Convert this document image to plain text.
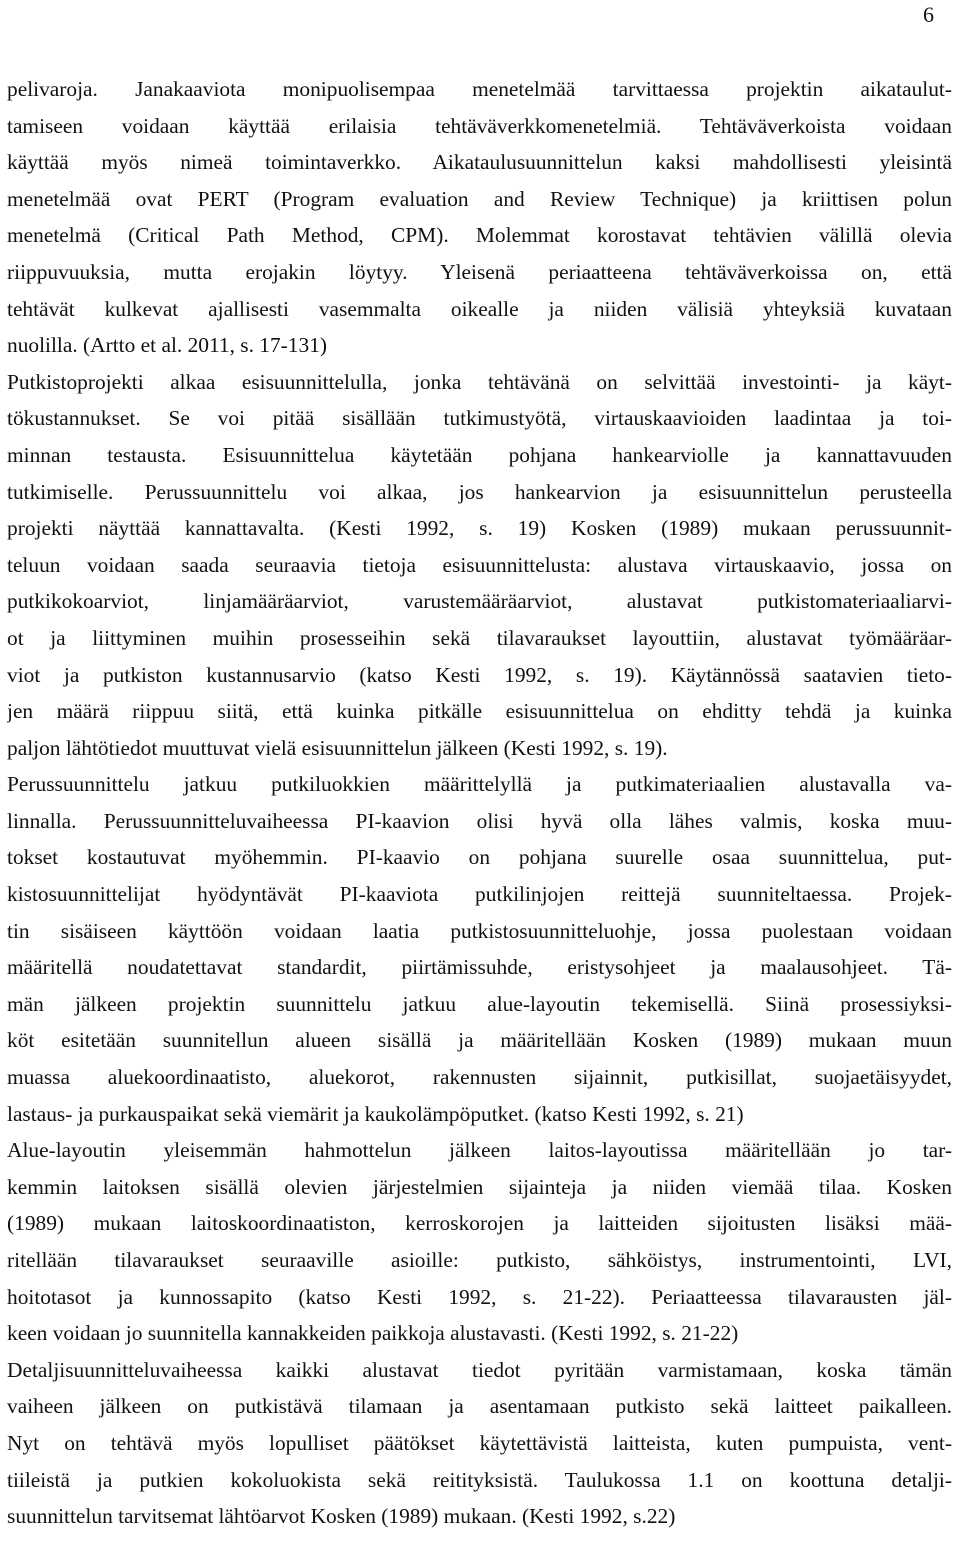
6
pelivaroja. Janakaaviota monipuolisempaa menetelmää tarvittaessa projektin aikataulut-
tamiseen voidaan käyttää erilaisia tehtäväverkkomenetelmiä. Tehtäväverkoista voidaan
käyttää myös nimeä toimintaverkko. Aikataulusuunnittelun kaksi mahdollisesti yleisintä
menetelmää ovat PERT (Program evaluation and Review Technique) ja kriittisen polun
menetelmä (Critical Path Method, CPM). Molemmat korostavat tehtävien välillä olevia
riippuvuuksia, mutta erojakin löytyy. Yleisenä periaatteena tehtäväverkoissa on, että
tehtävät kulkevat ajallisesti vasemmalta oikealle ja niiden välisiä yhteyksiä kuvataan
nuolilla. (Artto et al. 2011, s. 17-131)
Putkistoprojekti alkaa esisuunnittelulla, jonka tehtävänä on selvittää investointi- ja käyt-
tökustannukset. Se voi pitää sisällään tutkimustyötä, virtauskaavioiden laadintaa ja toi-
minnan testausta. Esisuunnittelua käytetään pohjana hankearviolle ja kannattavuuden
tutkimiselle. Perussuunnittelu voi alkaa, jos hankearvion ja esisuunnittelun perusteella
projekti näyttää kannattavalta. (Kesti 1992, s. 19) Kosken (1989) mukaan perussuunnit-
teluun voidaan saada seuraavia tietoja esisuunnittelusta: alustava virtauskaavio, jossa on
putkikokoarviot, linjamääräarviot, varustemääräarviot, alustavat putkistomateriaaliarvi-
ot ja liittyminen muihin prosesseihin sekä tilavaraukset layouttiin, alustavat työmääräar-
viot ja putkiston kustannusarvio (katso Kesti 1992, s. 19). Käytännössä saatavien tieto-
jen määrä riippuu siitä, että kuinka pitkälle esisuunnittelua on ehditty tehdä ja kuinka
paljon lähtötiedot muuttuvat vielä esisuunnittelun jälkeen (Kesti 1992, s. 19).
Perussuunnittelu jatkuu putkiluokkien määrittelyllä ja putkimateriaalien alustavalla va-
linnalla. Perussuunnitteluvaiheessa PI-kaavion olisi hyvä olla lähes valmis, koska muu-
tokset kostautuvat myöhemmin. PI-kaavio on pohjana suurelle osaa suunnittelua, put-
kistosuunnittelijat hyödyntävät PI-kaaviota putkilinjojen reittejä suunniteltaessa. Projek-
tin sisäiseen käyttöön voidaan laatia putkistosuunnitteluohje, jossa puolestaan voidaan
määritellä noudatettavat standardit, piirtämissuhde, eristysohjeet ja maalausohjeet. Tä-
män jälkeen projektin suunnittelu jatkuu alue-layoutin tekemisellä. Siinä prosessiyksi-
köt esitetään suunnitellun alueen sisällä ja määritellään Kosken (1989) mukaan muun
muassa aluekoordinaatisto, aluekorot, rakennusten sijainnit, putkisillat, suojaetäisyydet,
lastaus- ja purkauspaikat sekä viemärit ja kaukolämpöputket. (katso Kesti 1992, s. 21)
Alue-layoutin yleisemmän hahmottelun jälkeen laitos-layoutissa määritellään jo tar-
kemmin laitoksen sisällä olevien järjestelmien sijainteja ja niiden viemää tilaa. Kosken
(1989) mukaan laitoskoordinaatiston, kerroskorojen ja laitteiden sijoitusten lisäksi mää-
ritellään tilavaraukset seuraaville asioille: putkisto, sähköistys, instrumentointi, LVI,
hoitotasot ja kunnossapito (katso Kesti 1992, s. 21-22). Periaatteessa tilavarausten jäl-
keen voidaan jo suunnitella kannakkeiden paikkoja alustavasti. (Kesti 1992, s. 21-22)
Detaljisuunnitteluvaiheessa kaikki alustavat tiedot pyritään varmistamaan, koska tämän
vaiheen jälkeen on putkistävä tilamaan ja asentamaan putkisto sekä laitteet paikalleen.
Nyt on tehtävä myös lopulliset päätökset käytettävistä laitteista, kuten pumpuista, vent-
tiileistä ja putkien kokoluokista sekä reitityksistä. Taulukossa 1.1 on koottuna detalji-
suunnittelun tarvitsemat lähtöarvot Kosken (1989) mukaan. (Kesti 1992, s.22)
